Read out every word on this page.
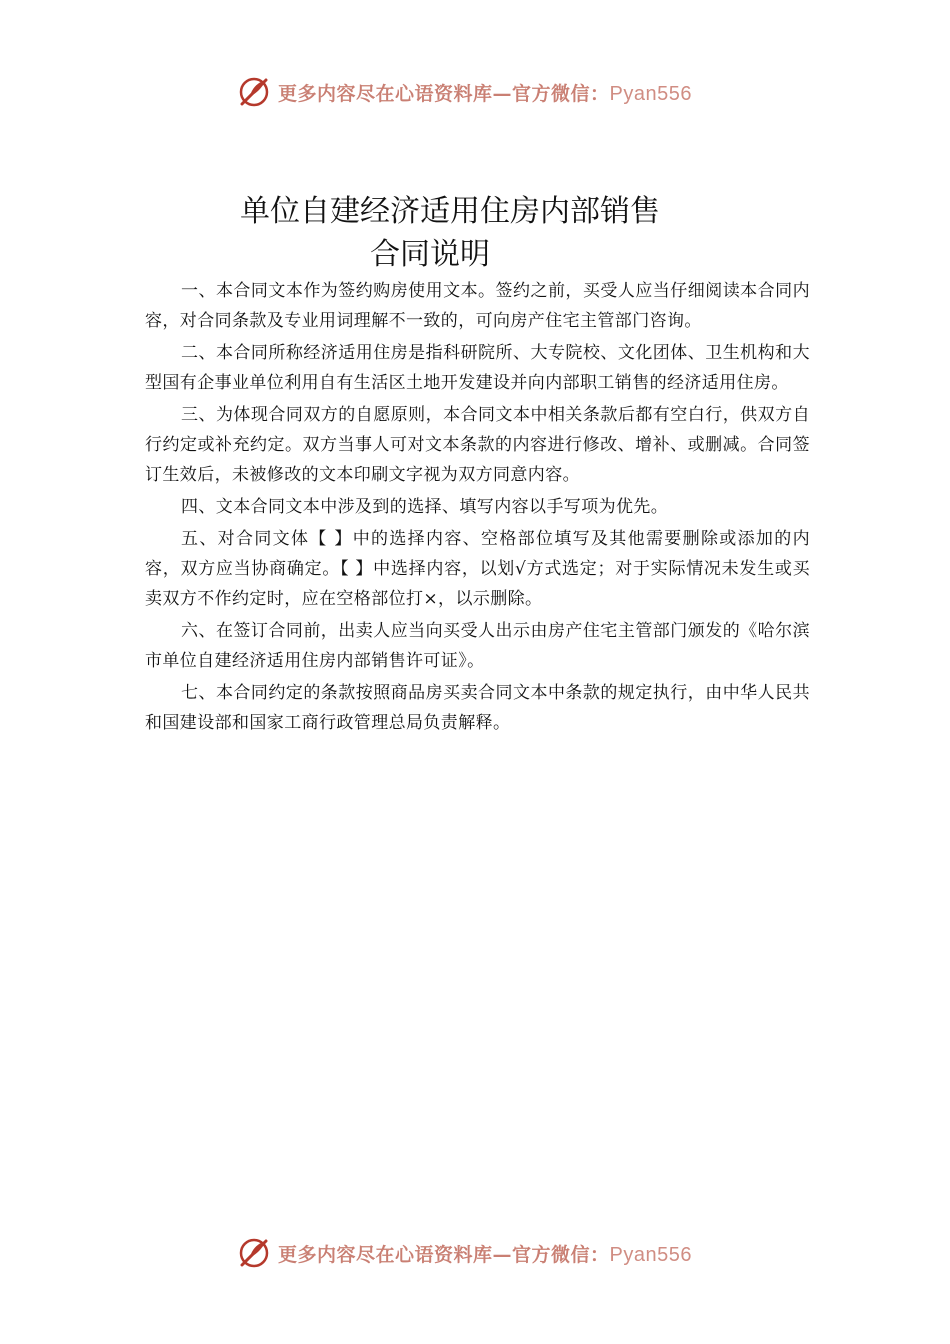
更多内容尽在心语资料库—官方微信：Pyan556
单位自建经济适用住房内部销售
合同说明

一、本合同文本作为签约购房使用文本。签约之前，买受人应当仔细阅读本合同内容，对合同条款及专业用词理解不一致的，可向房产住宅主管部门咨询。

二、本合同所称经济适用住房是指科研院所、大专院校、文化团体、卫生机构和大型国有企事业单位利用自有生活区土地开发建设并向内部职工销售的经济适用住房。

三、为体现合同双方的自愿原则，本合同文本中相关条款后都有空白行，供双方自行约定或补充约定。双方当事人可对文本条款的内容进行修改、增补、或删减。合同签订生效后，未被修改的文本印刷文字视为双方同意内容。

四、文本合同文本中涉及到的选择、填写内容以手写项为优先。

五、对合同文体【 】中的选择内容、空格部位填写及其他需要删除或添加的内容，双方应当协商确定。【 】中选择内容，以划√方式选定；对于实际情况未发生或买卖双方不作约定时，应在空格部位打×，以示删除。

六、在签订合同前，出卖人应当向买受人出示由房产住宅主管部门颁发的《哈尔滨市单位自建经济适用住房内部销售许可证》。

七、本合同约定的条款按照商品房买卖合同文本中条款的规定执行，由中华人民共和国建设部和国家工商行政管理总局负责解释。

更多内容尽在心语资料库—官方微信：Pyan556
